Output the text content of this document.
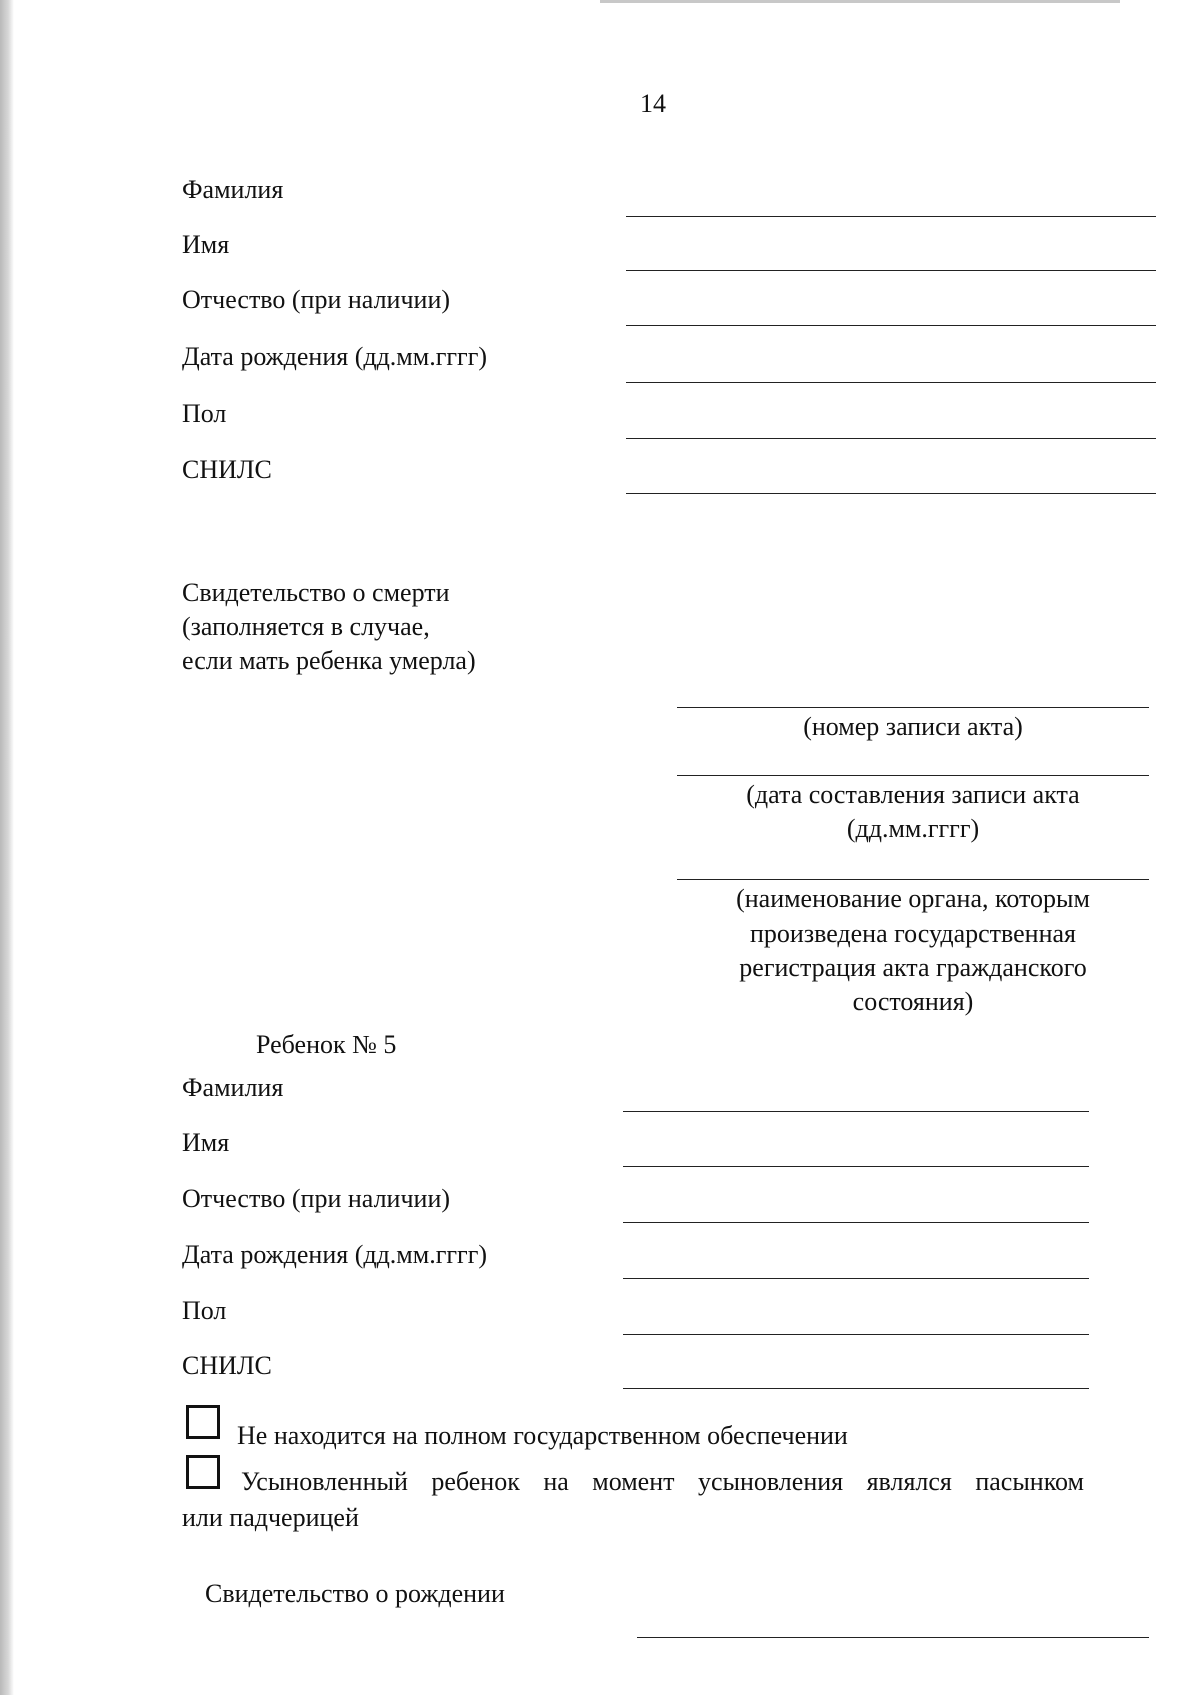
14
Фамилия
Имя
Отчество (при наличии)
Дата рождения (дд.мм.гггг)
Пол
СНИЛС
Свидетельство о смерти
(заполняется в случае,
если мать ребенка умерла)
(номер записи акта)
(дата составления записи акта
(дд.мм.гггг)
(наименование органа, которым
произведена государственная
регистрация акта гражданского
состояния)
Ребенок № 5
Фамилия
Имя
Отчество (при наличии)
Дата рождения (дд.мм.гггг)
Пол
СНИЛС
Не находится на полном государственном обеспечении
Усыновленный ребенок на момент усыновления являлся пасынком
или падчерицей
Свидетельство о рождении
